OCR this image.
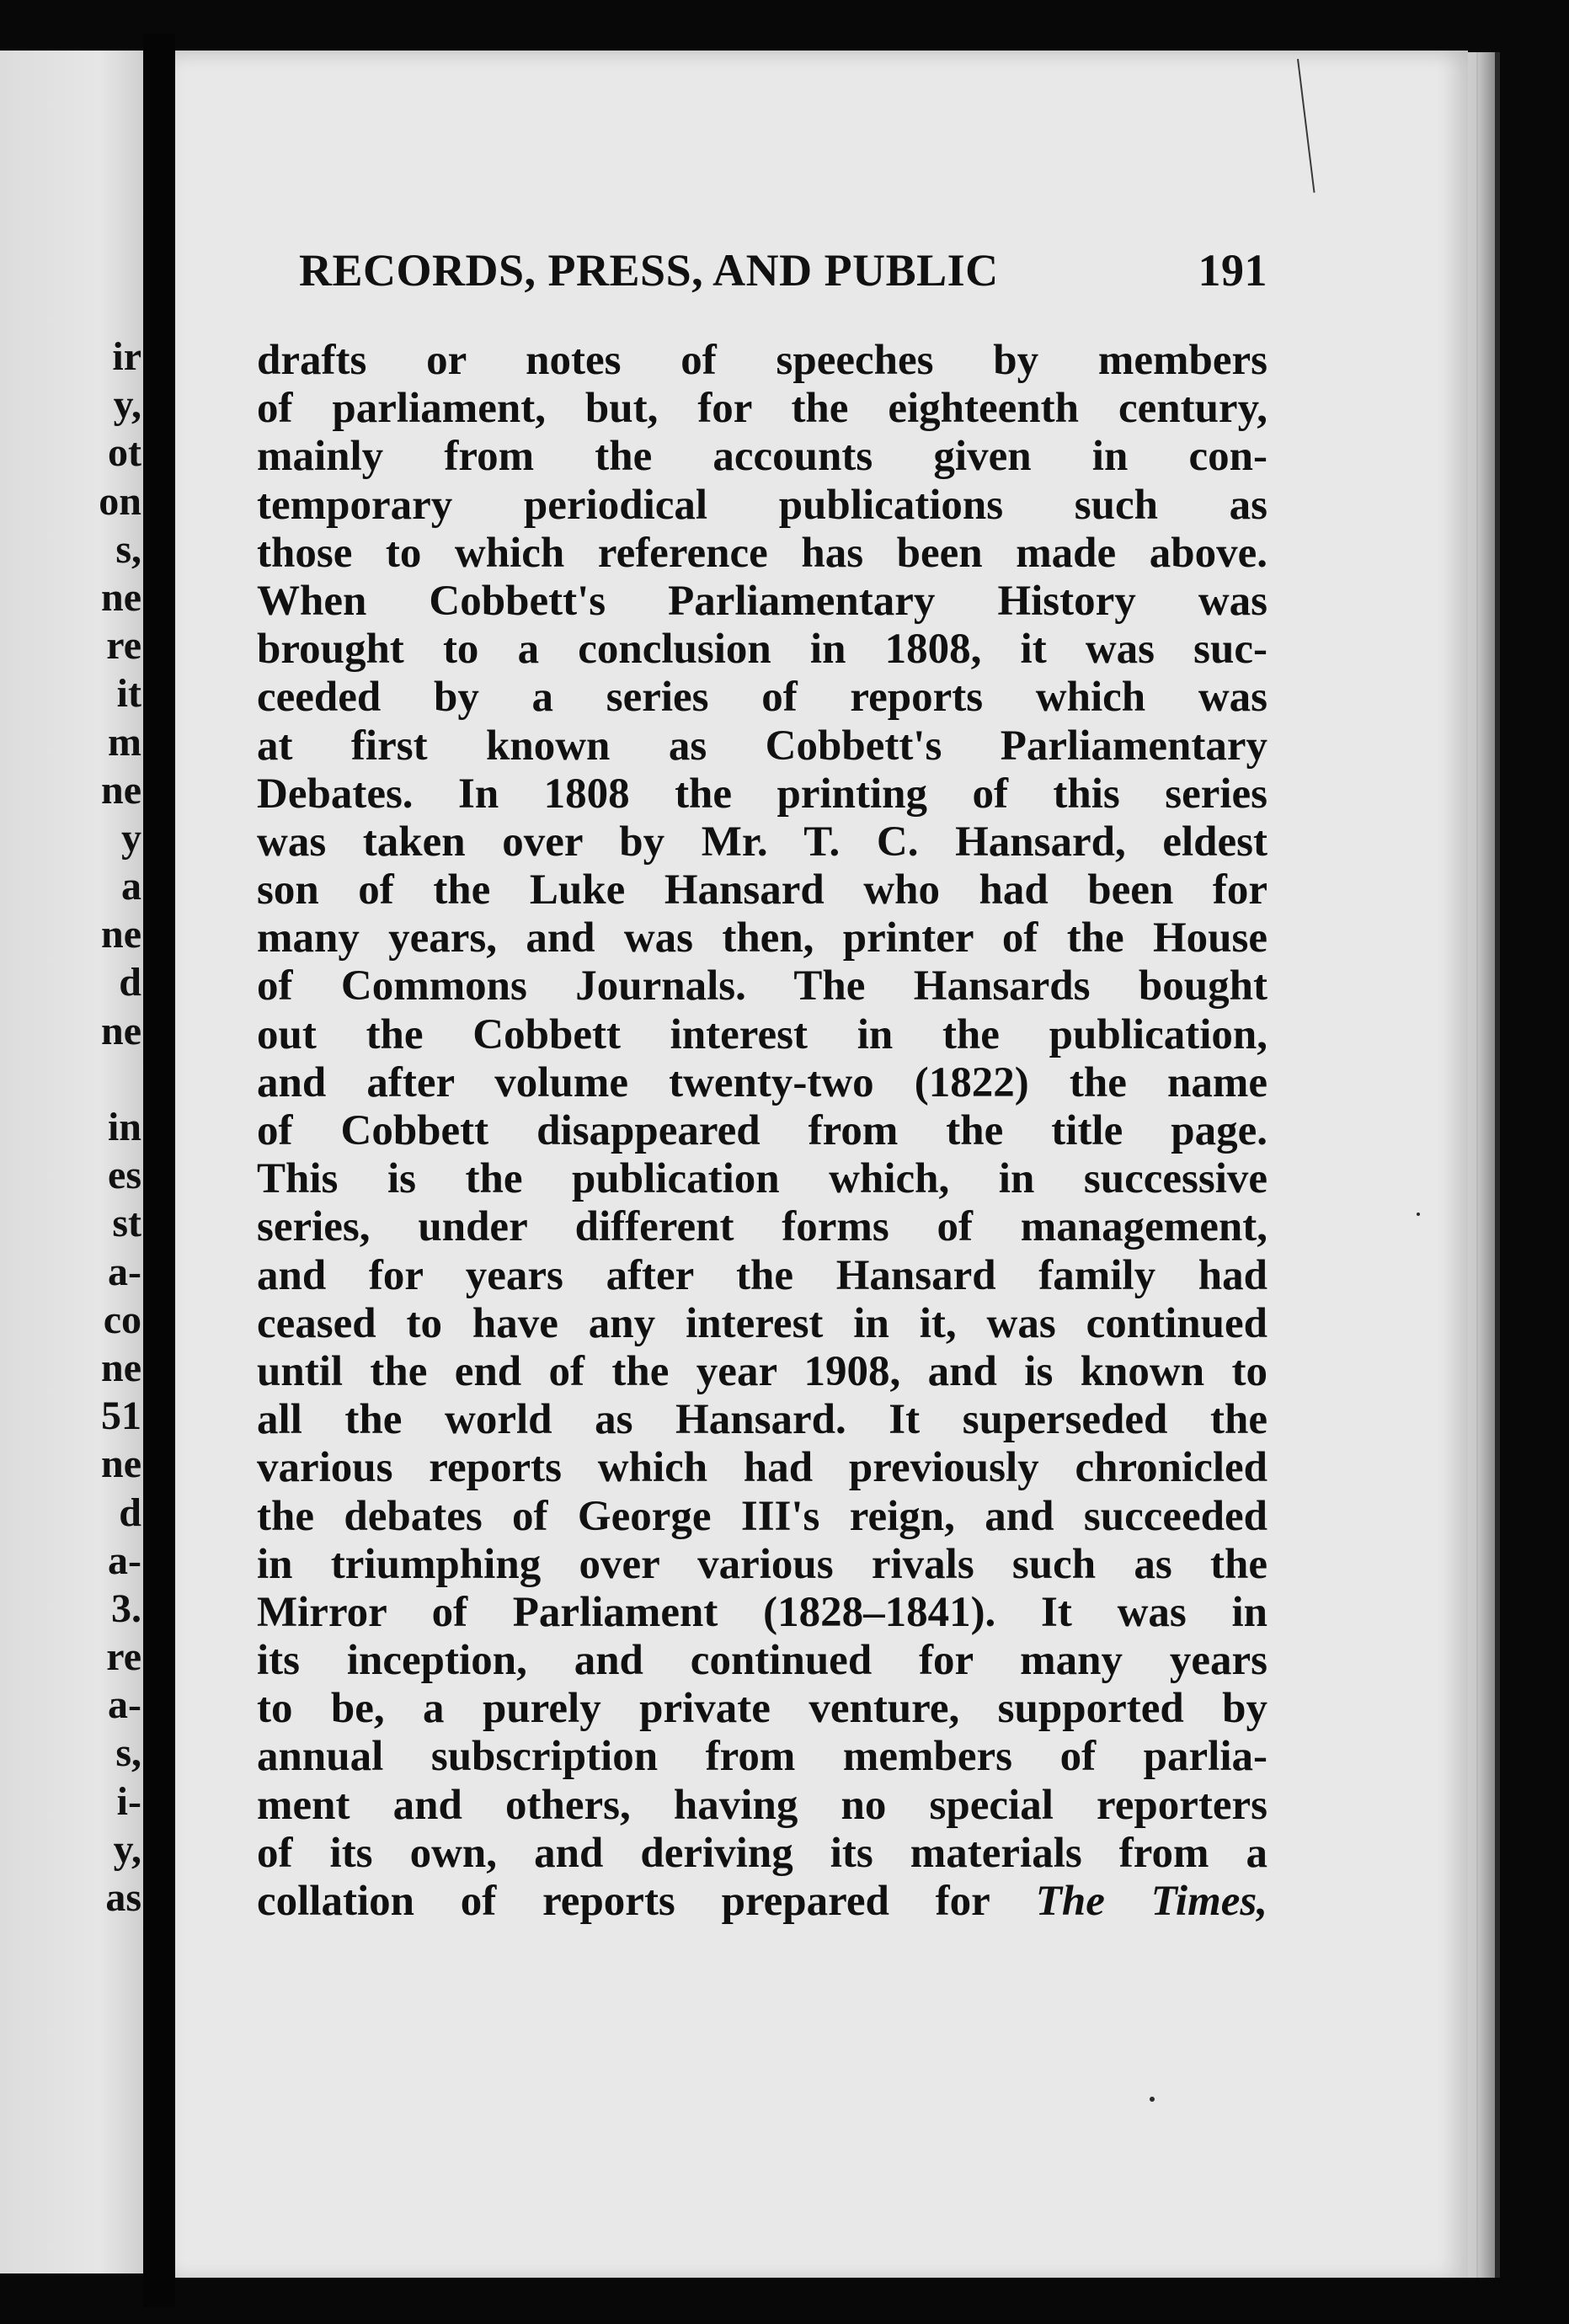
ir
y,
ot
on
s,
ne
re
it
m
ne
y
a
ne
d
ne
in
es
st
a-
co
ne
51
ne
d
a-
3.
re
a-
s,
i-
y,
as
RECORDS, PRESS, AND PUBLIC	191
drafts or notes of speeches by members
of parliament, but, for the eighteenth century,
mainly from the accounts given in con-
temporary periodical publications such as
those to which reference has been made above.
When Cobbett's Parliamentary History was
brought to a conclusion in 1808, it was suc-
ceeded by a series of reports which was
at first known as Cobbett's Parliamentary
Debates. In 1808 the printing of this series
was taken over by Mr. T. C. Hansard, eldest
son of the Luke Hansard who had been for
many years, and was then, printer of the House
of Commons Journals. The Hansards bought
out the Cobbett interest in the publication,
and after volume twenty-two (1822) the name
of Cobbett disappeared from the title page.
This is the publication which, in successive
series, under different forms of management,
and for years after the Hansard family had
ceased to have any interest in it, was continued
until the end of the year 1908, and is known to
all the world as Hansard. It superseded the
various reports which had previously chronicled
the debates of George III's reign, and succeeded
in triumphing over various rivals such as the
Mirror of Parliament (1828–1841). It was in
its inception, and continued for many years
to be, a purely private venture, supported by
annual subscription from members of parlia-
ment and others, having no special reporters
of its own, and deriving its materials from a
collation of reports prepared for The Times,
